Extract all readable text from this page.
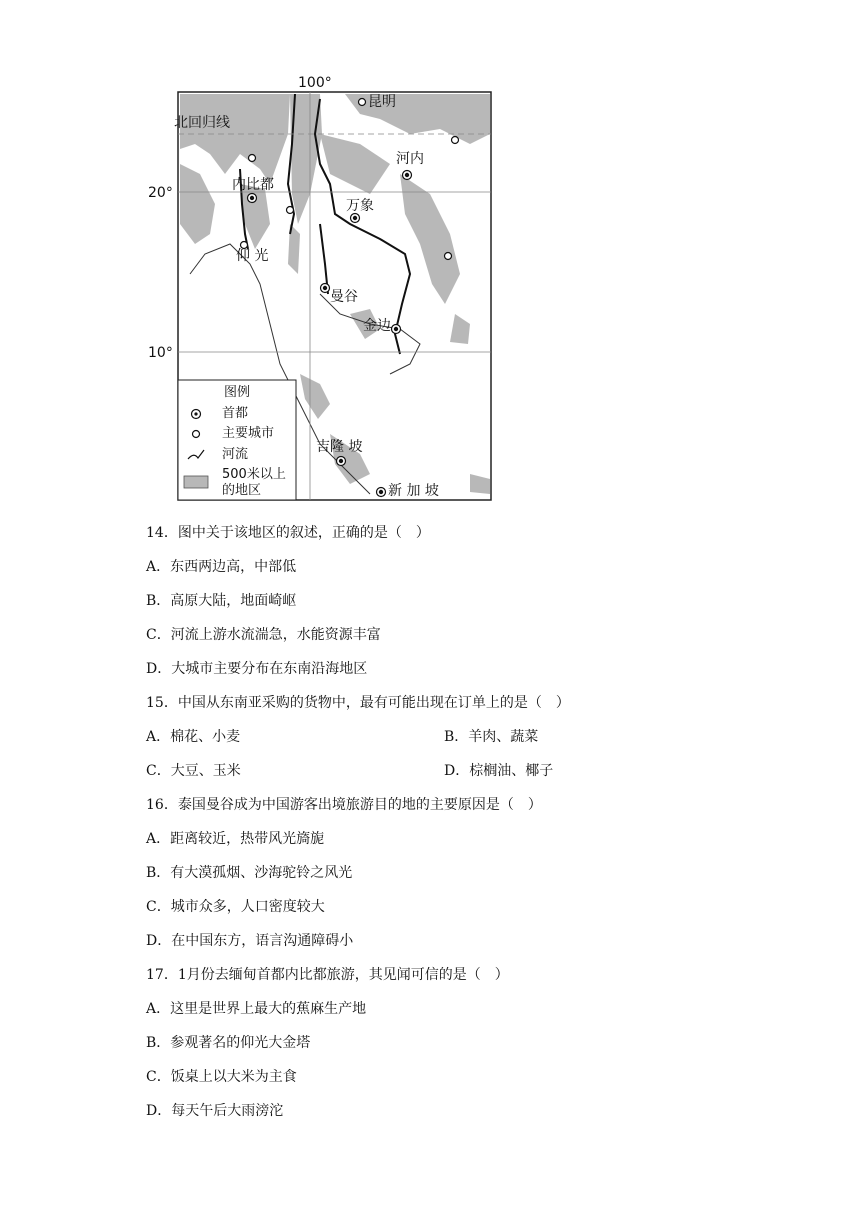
100°
北回归线
20°
10°
昆明
河内
内比都
万象
仰 光
曼谷
金边
吉隆 坡
新 加 坡
图例
首都
主要城市
河流
500米以上
的地区
14．图中关于该地区的叙述，正确的是（　）
A．东西两边高，中部低
B．高原大陆，地面崎岖
C．河流上游水流湍急，水能资源丰富
D．大城市主要分布在东南沿海地区
15．中国从东南亚采购的货物中，最有可能出现在订单上的是（　）
A．棉花、小麦	B．羊肉、蔬菜
C．大豆、玉米	D．棕榈油、椰子
16．泰国曼谷成为中国游客出境旅游目的地的主要原因是（　）
A．距离较近，热带风光旖旎
B．有大漠孤烟、沙海驼铃之风光
C．城市众多，人口密度较大
D．在中国东方，语言沟通障碍小
17．1月份去缅甸首都内比都旅游，其见闻可信的是（　）
A．这里是世界上最大的蕉麻生产地
B．参观著名的仰光大金塔
C．饭桌上以大米为主食
D．每天午后大雨滂沱
